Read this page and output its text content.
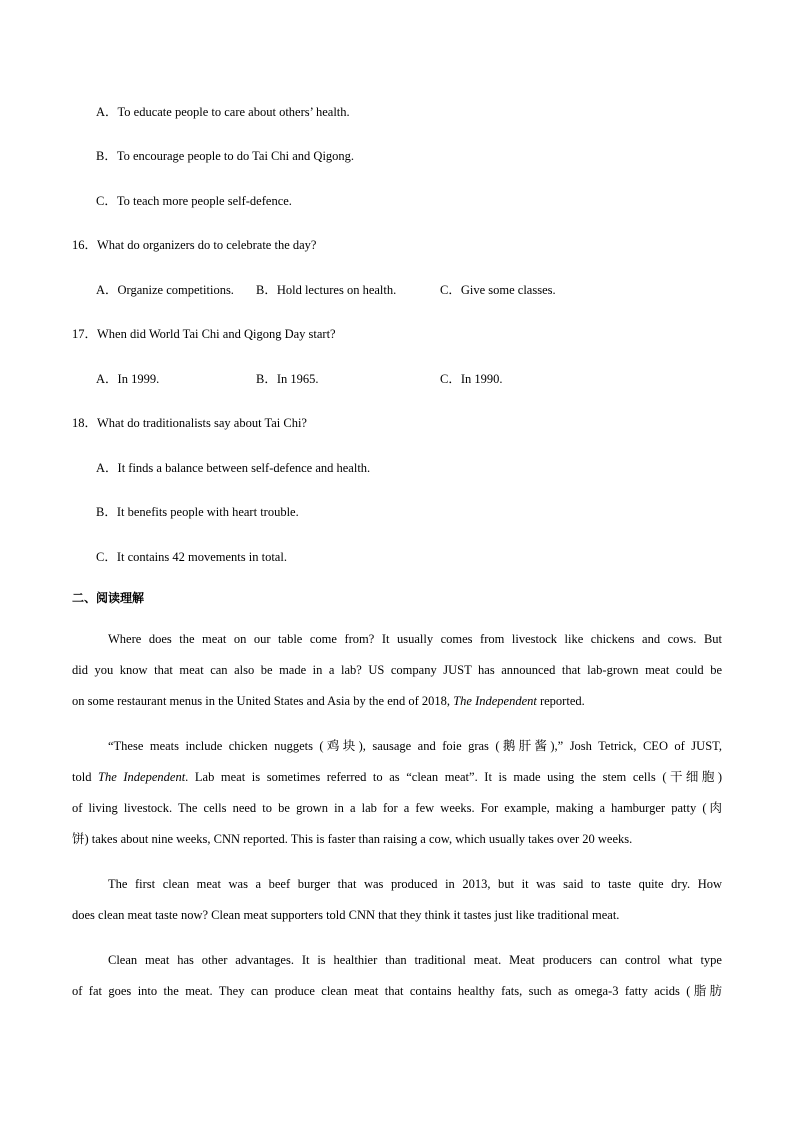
A．To educate people to care about others’ health.
B．To encourage people to do Tai Chi and Qigong.
C．To teach more people self-defence.
16．What do organizers do to celebrate the day?
A．Organize competitions. B．Hold lectures on health.	C．Give some classes.
17．When did World Tai Chi and Qigong Day start?
A．In 1999.	B．In 1965.	C．In 1990.
18．What do traditionalists say about Tai Chi?
A．It finds a balance between self-defence and health.
B．It benefits people with heart trouble.
C．It contains 42 movements in total.
二、阅读理解
Where does the meat on our table come from? It usually comes from livestock like chickens and cows. But
did you know that meat can also be made in a lab? US company JUST has announced that lab-grown meat could be
on some restaurant menus in the United States and Asia by the end of 2018, The Independent reported.
“These meats include chicken nuggets (鸡块), sausage and foie gras (鹅肝酱),” Josh Tetrick, CEO of JUST,
told The Independent. Lab meat is sometimes referred to as “clean meat”. It is made using the stem cells (干细胞)
of living livestock. The cells need to be grown in a lab for a few weeks. For example, making a hamburger patty (肉
饼) takes about nine weeks, CNN reported. This is faster than raising a cow, which usually takes over 20 weeks.
The first clean meat was a beef burger that was produced in 2013, but it was said to taste quite dry. How
does clean meat taste now? Clean meat supporters told CNN that they think it tastes just like traditional meat.
Clean meat has other advantages. It is healthier than traditional meat. Meat producers can control what type
of fat goes into the meat. They can produce clean meat that contains healthy fats, such as omega-3 fatty acids (脂肪
